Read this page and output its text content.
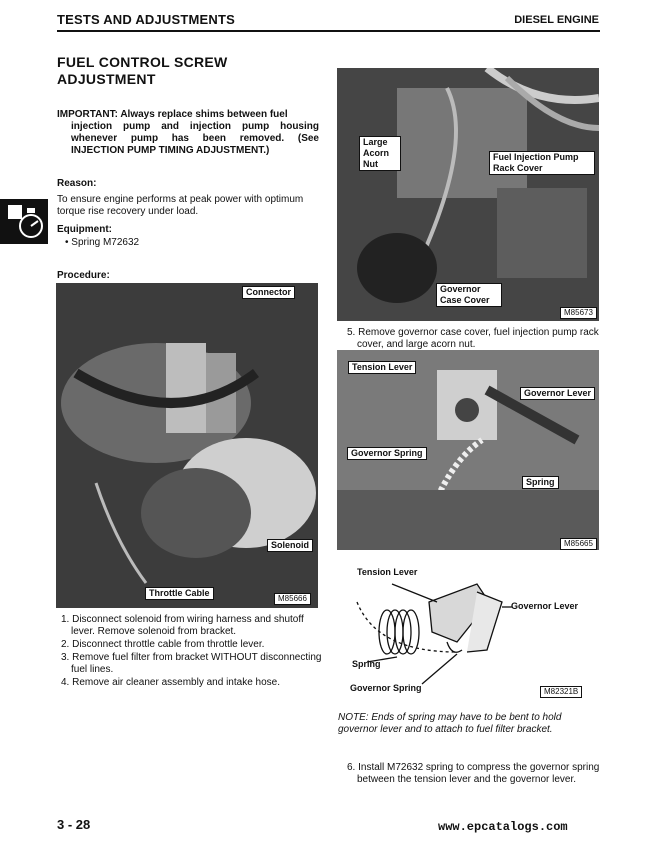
TESTS AND ADJUSTMENTS	DIESEL ENGINE
FUEL CONTROL SCREW
ADJUSTMENT
IMPORTANT: Always replace shims between fuel
injection pump and injection pump housing whenever pump has been removed. (See INJECTION PUMP TIMING ADJUSTMENT.)
Reason:
To ensure engine performs at peak power with optimum torque rise recovery under load.
Equipment:
• Spring M72632
Procedure:
Connector
Solenoid
Throttle Cable
M85666
1. Disconnect solenoid from wiring harness and shutoff lever. Remove solenoid from bracket.
2. Disconnect throttle cable from throttle lever.
3. Remove fuel filter from bracket WITHOUT disconnecting fuel lines.
4. Remove air cleaner assembly and intake hose.
Large Acorn Nut
Fuel Injection Pump Rack Cover
Governor Case Cover
M85673
5. Remove governor case cover, fuel injection pump rack cover, and large acorn nut.
Tension Lever
Governor Lever
Governor Spring
Spring
M85665
Tension Lever
Governor Lever
Spring
Governor Spring	M82321B
NOTE: Ends of spring may have to be bent to hold governor lever and to attach to fuel filter bracket.
6. Install M72632 spring to compress the governor spring between the tension lever and the governor lever.
3 - 28	www.epcatalogs.com
